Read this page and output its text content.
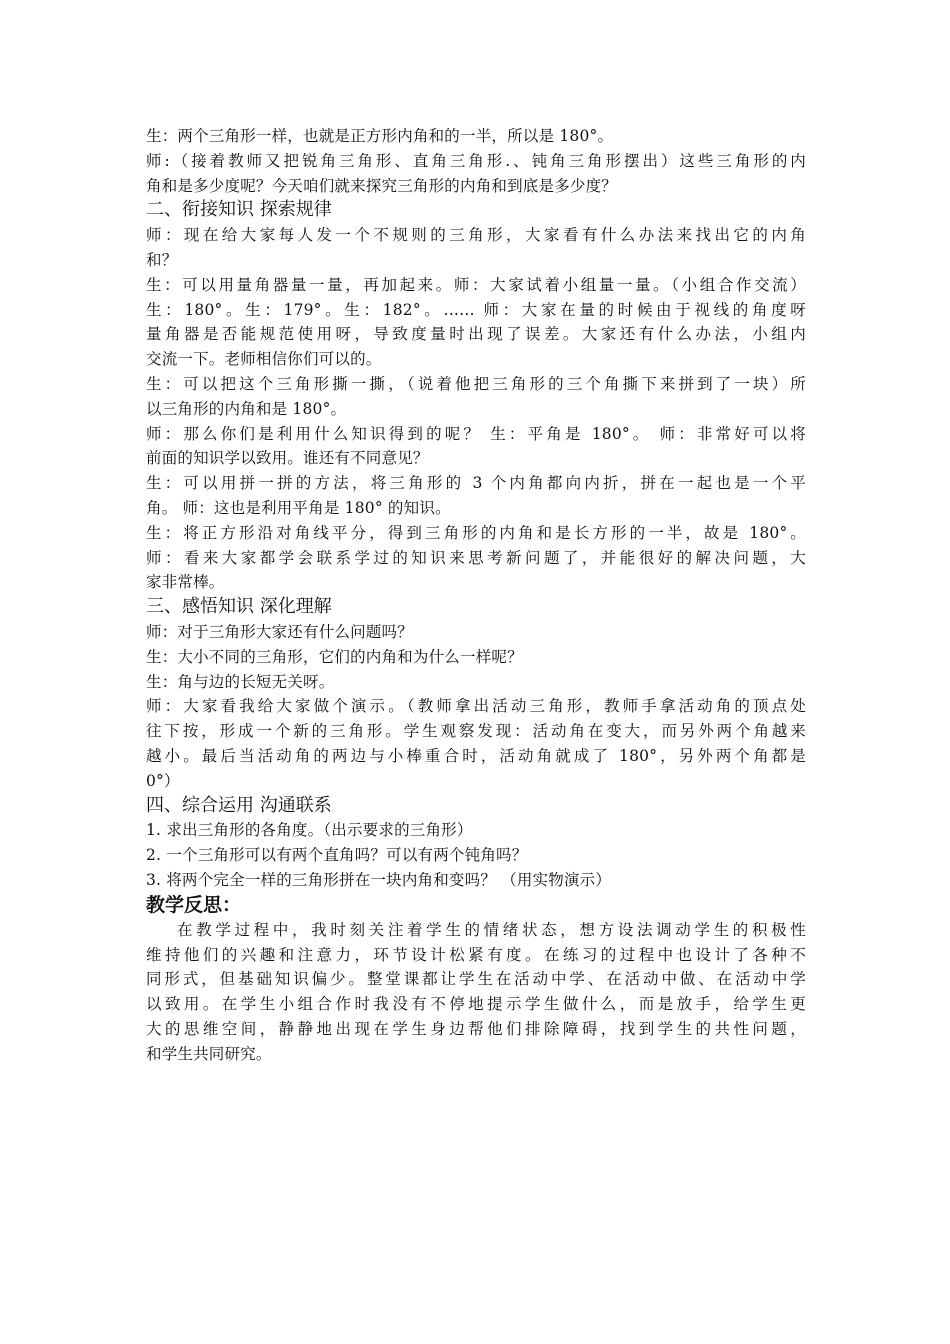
生：两个三角形一样，也就是正方形内角和的一半，所以是 180°。
师:（接着教师又把锐角三角形、直角三角形.、钝角三角形摆出）这些三角形的内
角和是多少度呢？今天咱们就来探究三角形的内角和到底是多少度？
二、衔接知识 探索规律
师：现在给大家每人发一个不规则的三角形，大家看有什么办法来找出它的内角
和？
生：可以用量角器量一量，再加起来。师：大家试着小组量一量。（小组合作交流）
生：180°。生：179°。生：182°。…… 师：大家在量的时候由于视线的角度呀
量角器是否能规范使用呀，导致度量时出现了误差。大家还有什么办法，小组内
交流一下。老师相信你们可以的。
生：可以把这个三角形撕一撕，（说着他把三角形的三个角撕下来拼到了一块）所
以三角形的内角和是 180°。
师：那么你们是利用什么知识得到的呢？ 生：平角是 180°。 师：非常好可以将
前面的知识学以致用。谁还有不同意见？
生：可以用拼一拼的方法，将三角形的 3 个内角都向内折，拼在一起也是一个平
角。 师：这也是利用平角是 180° 的知识。
生：将正方形沿对角线平分，得到三角形的内角和是长方形的一半，故是 180°。
师：看来大家都学会联系学过的知识来思考新问题了，并能很好的解决问题，大
家非常棒。
三、感悟知识 深化理解
师：对于三角形大家还有什么问题吗？
生：大小不同的三角形，它们的内角和为什么一样呢？
生：角与边的长短无关呀。
师：大家看我给大家做个演示。（教师拿出活动三角形，教师手拿活动角的顶点处
往下按，形成一个新的三角形。学生观察发现：活动角在变大，而另外两个角越来
越小。最后当活动角的两边与小棒重合时，活动角就成了 180°，另外两个角都是
0°）
四、综合运用 沟通联系
1. 求出三角形的各角度。（出示要求的三角形）
2. 一个三角形可以有两个直角吗？可以有两个钝角吗？
3. 将两个完全一样的三角形拼在一块内角和变吗？ （用实物演示）
教学反思：
在教学过程中，我时刻关注着学生的情绪状态，想方设法调动学生的积极性
维持他们的兴趣和注意力，环节设计松紧有度。在练习的过程中也设计了各种不
同形式，但基础知识偏少。整堂课都让学生在活动中学、在活动中做、在活动中学
以致用。在学生小组合作时我没有不停地提示学生做什么，而是放手，给学生更
大的思维空间，静静地出现在学生身边帮他们排除障碍，找到学生的共性问题，
和学生共同研究。
